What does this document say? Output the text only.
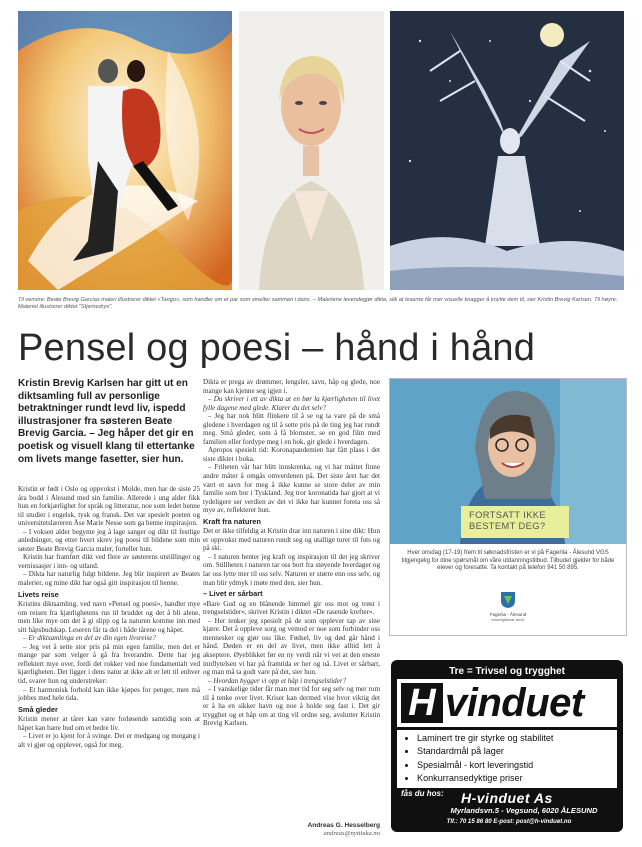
Til venstre: Beate Brevig Garcias maleri illustrerer diktet «Tango», som handler om et par som smelter sammen i dans. – Maleriene levendegjør dikta, slik at leserne får mer visuelle knagger å knytte dem til, sier Kristin Brevig Karlsen. Til høyre: Maleriet illustrerer diktet "Stjernedrys".
Pensel og poesi – hånd i hånd
Kristin Brevig Karlsen har gitt ut en diktsamling full av personlige betraktninger rundt levd liv, ispedd illustrasjoner fra søsteren Beate Brevig Garcia. – Jeg håper det gir en poetisk og visuell klang til ettertanke om livets mange fasetter, sier hun.

Kristin er født i Oslo og oppvokst i Molde, men har de siste 25 åra bodd i Ålesund med sin familie. Allerede i ung alder fikk hun en forkjærlighet for språk og litteratur, noe som ledet henne til studier i engelsk, tysk og fransk. Det var spesielt poeten og universitetslæreren Åse Marie Nesse som ga henne inspirasjon.

– I voksen alder begynte jeg å lage sanger og dikt til festlige anledninger, og etter hvert skrev jeg poesi til bildene som min søster Beate Brevig Garcia maler, forteller hun.

Kristin har framført dikt ved flere av søsterens utstillinger og vernissasjer i inn- og utland.

– Dikta har naturlig fulgt bildene. Jeg blir inspirert av Beates malerier, og mine dikt har også gitt inspirasjon til henne.

Livets reise

Kristins diktsamling, ved navn «Pensel og poesi», handler mye om reisen fra kjærlighetens rus til bruddet og det å bli alene, men like mye om det å gi slipp og la naturen komme inn med sitt håpsbudskap. Leseren får ta del i både tårene og håpet.

– Er diktsamlinga en del av din egen livsreise?

– Jeg vet å sette stor pris på min egen familie, men det er mange par som velger å gå fra hverandre. Dette har jeg reflektert mye over, fordi det rokker ved noe fundamentalt ved kjærligheten. Det ligger i dens natur at ikke alt er lett til enhver tid, svarer hun og understreker:

– Et harmonisk forhold kan ikke kjøpes for penger, men må jobbes med hele tida.

Små gleder

Kristin mener at tårer kan være forløsende samtidig som at håpet kan bære bud om et bedre liv.

– Livet er jo kjent for å svinge. Det er medgang og motgang i alt vi gjør og opplever, også for meg.

Dikta er prega av drømmer, lengsler, savn, håp og glede, noe mange kan kjenne seg igjen i.

– Du skriver i ett av dikta at en bør la kjærligheten til livet fylle dagene med glede. Klarer du det selv?

– Jeg har nok blitt flinkere til å se og ta vare på de små gledene i hverdagen og til å sette pris på de ting jeg har rundt meg. Små gleder, som å få blomster, se en god film med familien eller fordype meg i en bok, gir glede i hverdagen.

Apropos spesielt tid: Koronapandemien har fått plass i det siste diktet i boka.

– Friheten vår har blitt innskrenka, og vi har måttet finne andre måter å omgås omverdenen på. Det siste året har det vært et savn for meg å ikke kunne se store deler av min familie som bor i Tyskland. Jeg tror koronatida har gjort at vi tydeligere ser verdien av det vi ikke har kunnet foreta oss så mye av, reflekterer hun.

Kraft fra naturen

Det er ikke tilfeldig at Kristin drar inn naturen i sine dikt: Hun er oppvokst med naturen rundt seg og utallige turer til fots og på ski.

– I naturen henter jeg kraft og inspirasjon til det jeg skriver om. Stillheten i naturen tar oss bort fra støyende hverdager og lar oss lytte mer til oss selv. Naturen er større enn oss selv, og man blir ydmyk i møte med den, sier hun.

– Livet er sårbart

«Bare Gud og en blånende himmel gir oss mot og trøst i trengselstider», skriver Kristin i diktet «De rasende krefter».

– Her tenker jeg spesielt på de som opplever tap av sine kjære. Det å oppleve sorg og vemod er noe som forbinder oss mennesker og gjør oss like. Fødsel, liv og død går hånd i hånd. Døden er en del av livet, men ikke alltid lett å akseptere. Øyeblikket før en ny verdi når vi vet at den eneste innflytelsen vi har på framtida er her og nå. Livet er sårbart, og man må ta godt vare på det, sier hun.

– Hvordan bygger vi opp et håp i trengselstider?

– I vanskelige tider får man mer tid for seg selv og mer rom til å tenke over livet. Kriser kan dermed vise hvor viktig det er å ha en sikker havn og noe å holde seg fast i. Det gir trygghet og et håp om at ting vil ordne seg, avslutter Kristin Brevig Karlsen.

Andreas G. Hesselberg
andreas@nyttiuka.no
FORTSATT IKKE
BESTEMT DEG?
Hver onsdag (17-19) frem til søknadsfristen er vi på Fagerlia - Ålesund VGS tilgjengelig for dine spørsmål om våre utdanningstilbud. Tilbudet gjelder for både elever og foresatte. Ta kontakt på telefon 941 50 895.
Fagerlia - Ålesund
vidaregåande skule
Tre = Trivsel og trygghet
H vinduet
• Laminert tre gir styrke og stabilitet
• Standardmål på lager
• Spesialmål - kort leveringstid
• Konkurransedyktige priser
fås du hos: H-vinduet As
Myrlandsvn.5 - Vegsund, 6020 ÅLESUND
Tlf.: 70 15 86 80 E-post: post@h-vinduet.no
